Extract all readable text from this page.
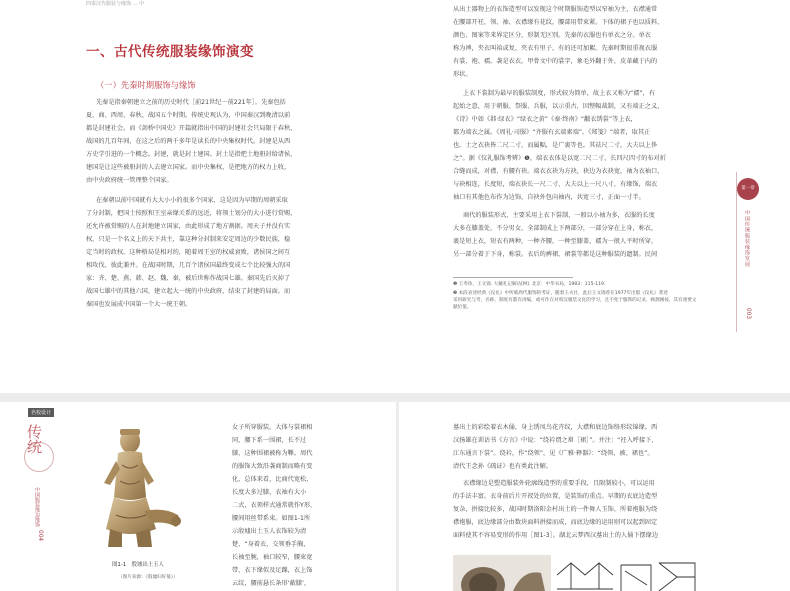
四秦汉代服装与缘饰 … 中
一、古代传统服装缘饰演变
（一）先秦时期服饰与缘饰

先秦是指秦朝建立之前的历史时代［前21世纪－前221年］。先秦包括

夏、商、西周、春秋、战国五个时期。传统史观认为，中国秦汉到晚清以前

都是封建社会。而《剑桥中国史》开篇就指出中国的封建社会只局限于春秋、

战国的几百年间，在这之后的两千多年是读长的中央集权时代。封建是从西

方史学引进的一个概念。封建，就是封土建国。封土是指把土地册封给诸侯，

建国是让这些被册封的人去建立国家。而中央集权，是把地方的权力上收，

由中央政府统一管理整个国家。

在秦朝以前中国就有大大小小的很多个国家，这是因为早期的周朝采取

了分封制，把国土按照和王室亲缘关系的远近，将领土划分的大小进行赏赐，

还允许被赏赐的人在封地建立国家，由此形成了地方割据。周天子并没有实

权，只是一个名义上的天下共主，靠这种分封制来安定周边的少数民族，稳

定当时的政权。这种格局是相对的，随着周王室的权威衰败，诸侯国之间互

相攻伐、彼此兼并。在战国时期，几百个诸侯国最终变成七个比较强大的国

家：齐、楚、燕、韩、赵、魏、秦，被后世称作战国七雄。秦国先后灭掉了

战国七雄中的其他六国，建立起大一统的中央政府，结束了封建的局面。而

秦国也发展成中国第一个大一统王朝。

从出土器物上的衣饰造型可以发现这个时期服饰造型以窄袖为主，衣襟通常

在腰部开衽，领、袖、衣襟缘有花纹，腰部用带束紧。下体的裙子也以质料、

颜色、图案等来界定区分，形制无区别。先秦的衣服也有单衣之分。单衣

称为裨，夹衣叫袷或复，夹衣有里子，有的还可加絮。先秦时期很重视衣服

有裳、袍、襦。袭是衣衣，甲骨文中的裳字，象毛外翻于外，皮革藏于内的

形状。

上衣下裳制为最早的服装制度，形式较为简单，故上衣又称为“襦”，有

起始之意，用于朝服、祭服、兵服，以示重古，因整幅裁制，又有端正之义，

《诗》中如《邶·绿衣》“绿衣之黄”《秦·终南》“黻衣绣裳”等上衣，

都为端衣之属。《周礼·司服》“齐服有玄端素端”。《郑笺》“端者，取其正

也。士之衣袂皆二尺二寸，而属幅，是广裹等也。其祛尺二寸，大夫以上侈

之”。据《仪礼服饰考辨》❶，端衣衣体是以宽二尺二寸，长四尺四寸的布对折

合缝而成，对襟，有腰有袂。端衣衣袂为方袂，袂边为衣袂宽，袖为衣袖口，

与袂相连，长度短，端衣袂长一尺二寸，大夫以上一尺八寸，有缘饰，端衣

袖口有其他色布作为边饰，自袂外包向袖内，共宽三寸，正面一寸半。

商代的服装形式，主要采用上衣下裳制，一般以小袖为多，衣服的长度

大多在膝盖处，不分男女，全部制成上下两部分，一部分穿在上身，称衣，

裹是短上衣，短衣有两种，一种齐腰，一种至膝盖，襦为一般人平时所穿，

另一部分着于下身，称裳。衣后的裤裙、裙裳等都是这种服装的遗制。民间

❶ 王寿珍，王文锦. 大戴礼记解诂[M]. 北京：中华书局，1983：115-119.

❷ 本段表述经典《仪礼》中所载周代服饰的考证，随着王夫社，此后王文锦曾在1977年出版《仪礼》著述

采用研究与考，名称、制度有都有再编，或可作在对周汉服装文化的学习，且不免于服饰的记录，顾颉刚按，其有重要文

献价值。

第一章
中国传统服装缘饰发展
003
名校设计
传统
中国服装缘边缘饰
004
图1-1　殷墟出土玉人
（图片来源：《殷墟妇好墓》）

女子所穿服装。大体与裳裙相

同，腰下系一围裙，长不过

膝，这种围裙被称为鞸。周代

的服饰大致沿袭商制而略有变

化，总体来看，比商代宽松，

长度大多过膝，衣袖有大小

二式，衣领样式通常就作Y形，

腰间用丝带系束。如图1-1所

示殷墟出土玉人衣饰较为清

楚，“身着衣，交领垂手胸，

长袖至腕，袖口较窄，腰束宽

带，衣下缘似及足踝，衣上饰

云纹，腰前悬长条形‘蔽膝’，

墓出土的彩绘着衣木俑，身上绣凤鸟花卉纹，大襟和底边饰络形纹锦缘。西

汉扬雄在训诂书《方言》中说：“绕衿谓之帬［裙］”。并注：“衽入呼接下，

江东通言下裳”。绕衿，作“绕领”，见《广雅·释器》：“绕领，被、裙也”。

清代王念孙《疏证》也有类此注解。

衣襟缘边是塑造服装外轮廓线造型的重要手段，且限制较小，可以运用

的手法丰富。衣身前后片开衩处的位置，是装饰的重点。早期的衣底边造型

复杂，拼接比较多，战国时期洛阳金村出土的一件舞人玉饰，所着袍服为绕

襟袍服，底边缘部分由数块面料拼接而成，而底边缘的运用则可以起到固定

面料使其不容易变形的作用［图1-3］。湖北云梦西汉墓出土的人俑下摆缘边
